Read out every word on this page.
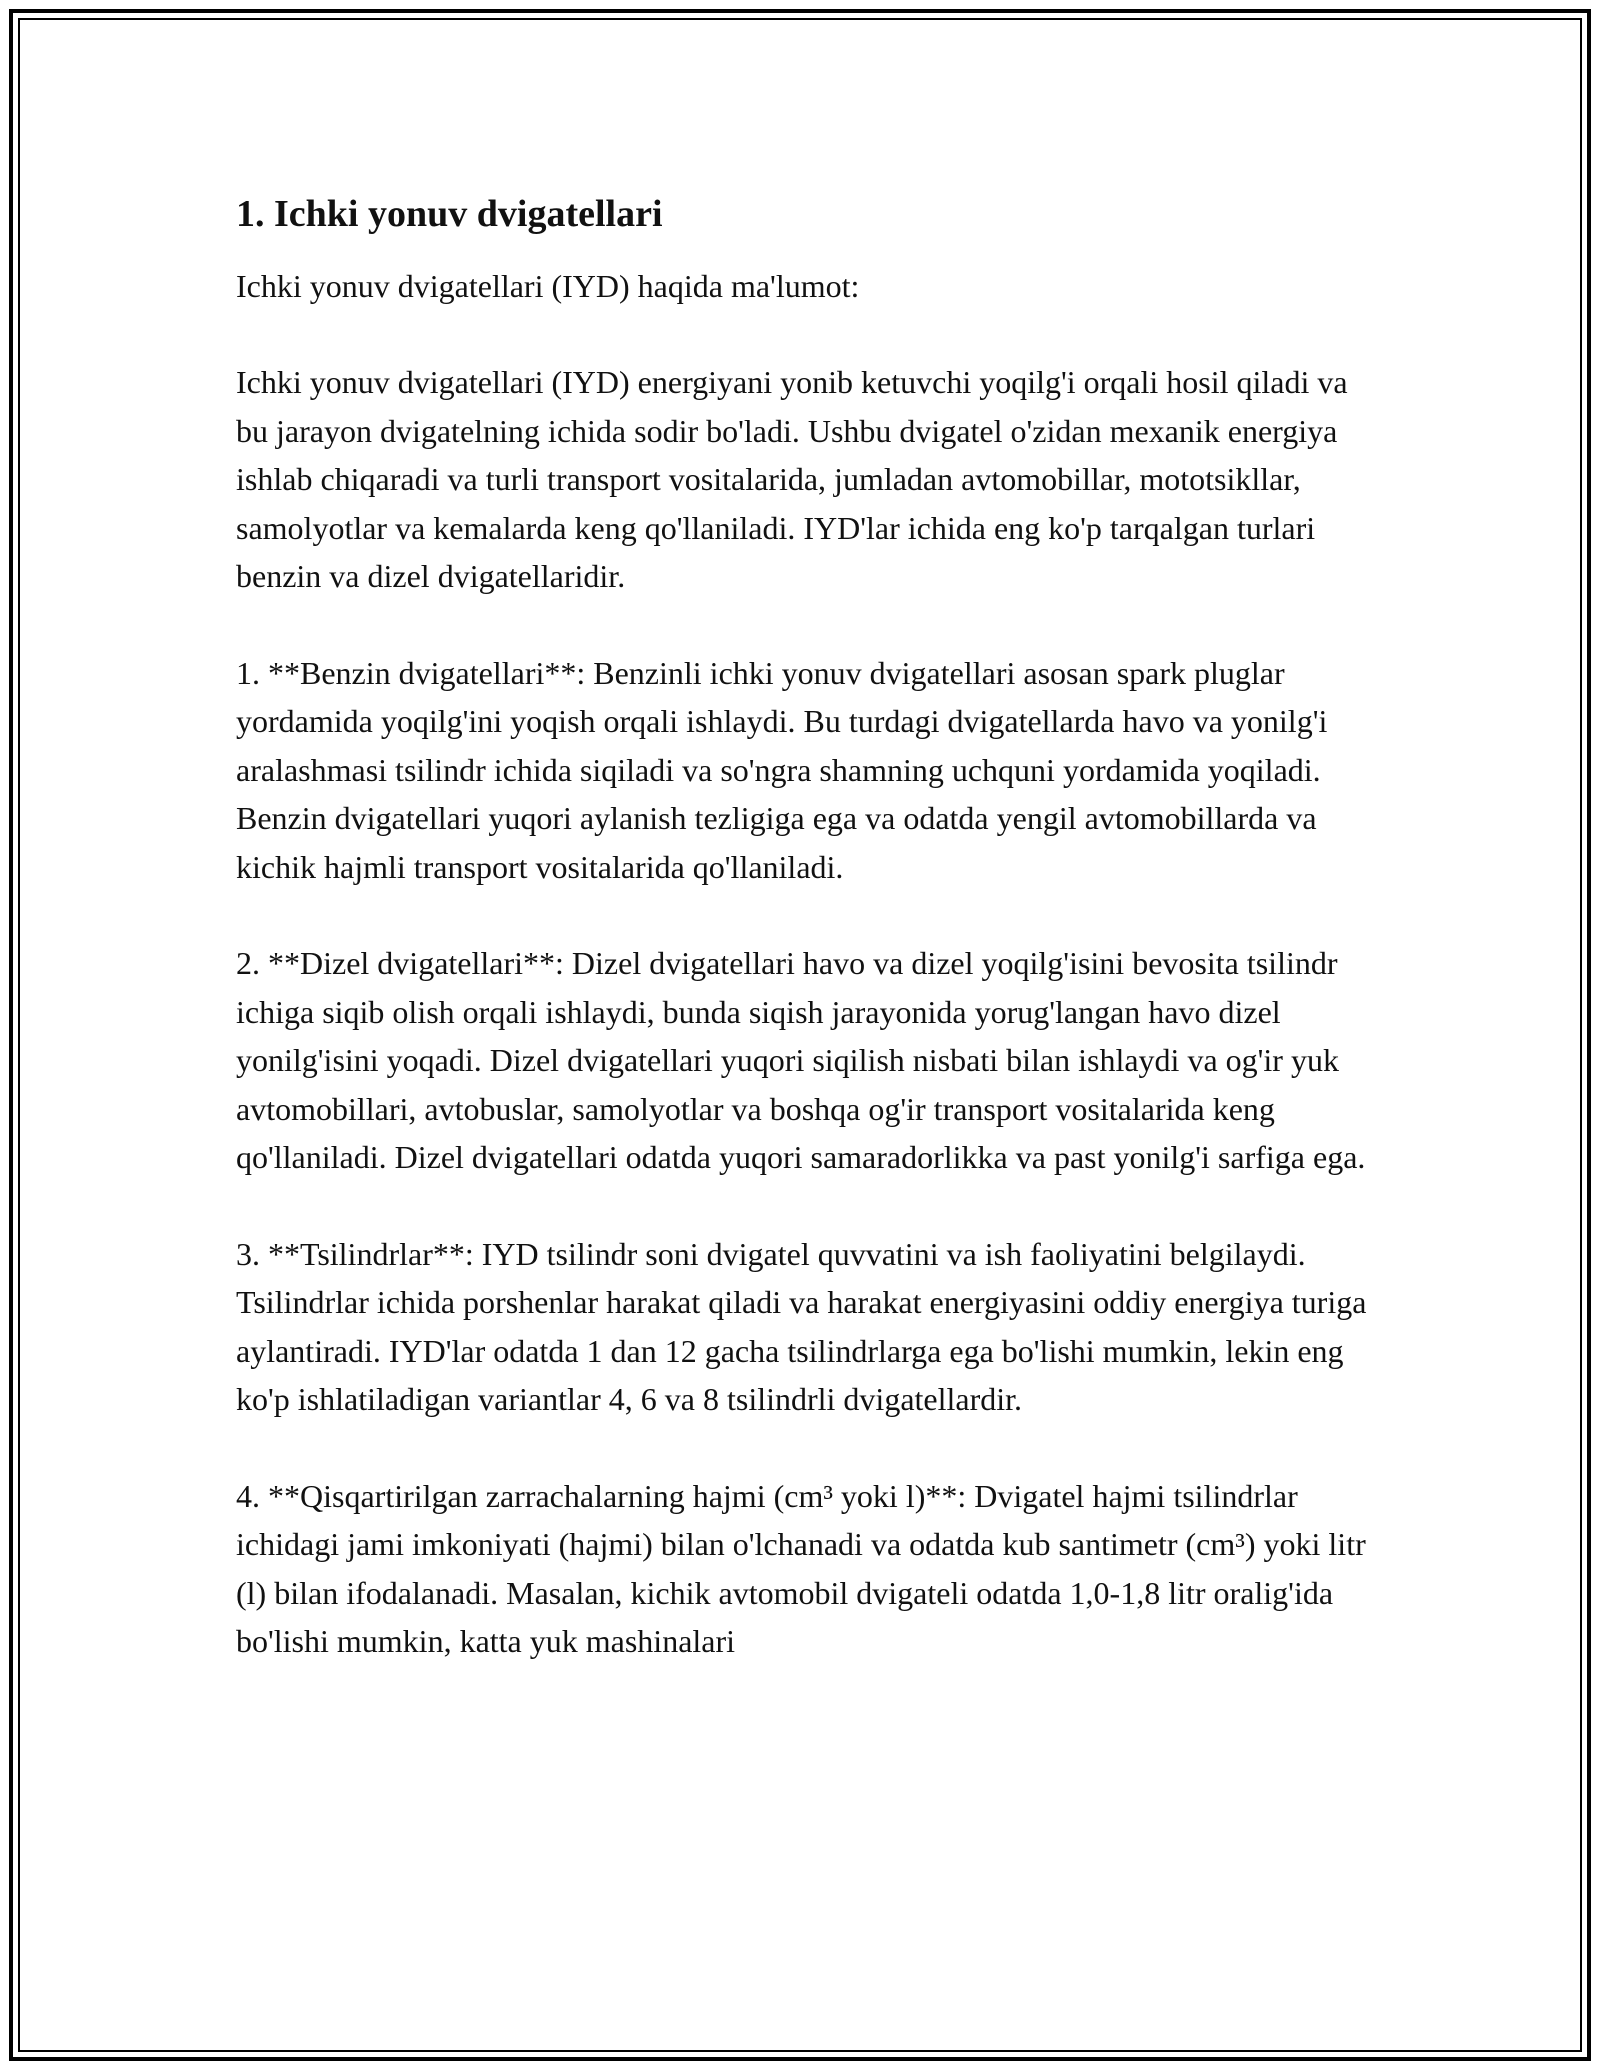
1. Ichki yonuv dvigatellari

Ichki yonuv dvigatellari (IYD) haqida ma'lumot:

Ichki yonuv dvigatellari (IYD) energiyani yonib ketuvchi yoqilg'i orqali hosil qiladi va bu jarayon dvigatelning ichida sodir bo'ladi. Ushbu dvigatel o'zidan mexanik energiya ishlab chiqaradi va turli transport vositalarida, jumladan avtomobillar, mototsikllar, samolyotlar va kemalarda keng qo'llaniladi. IYD'lar ichida eng ko'p tarqalgan turlari benzin va dizel dvigatellaridir.

1. **Benzin dvigatellari**: Benzinli ichki yonuv dvigatellari asosan spark pluglar yordamida yoqilg'ini yoqish orqali ishlaydi. Bu turdagi dvigatellarda havo va yonilg'i aralashmasi tsilindr ichida siqiladi va so'ngra shamning uchquni yordamida yoqiladi. Benzin dvigatellari yuqori aylanish tezligiga ega va odatda yengil avtomobillarda va kichik hajmli transport vositalarida qo'llaniladi.

2. **Dizel dvigatellari**: Dizel dvigatellari havo va dizel yoqilg'isini bevosita tsilindr ichiga siqib olish orqali ishlaydi, bunda siqish jarayonida yorug'langan havo dizel yonilg'isini yoqadi. Dizel dvigatellari yuqori siqilish nisbati bilan ishlaydi va og'ir yuk avtomobillari, avtobuslar, samolyotlar va boshqa og'ir transport vositalarida keng qo'llaniladi. Dizel dvigatellari odatda yuqori samaradorlikka va past yonilg'i sarfiga ega.

3. **Tsilindrlar**: IYD tsilindr soni dvigatel quvvatini va ish faoliyatini belgilaydi. Tsilindrlar ichida porshenlar harakat qiladi va harakat energiyasini oddiy energiya turiga aylantiradi. IYD'lar odatda 1 dan 12 gacha tsilindrlarga ega bo'lishi mumkin, lekin eng ko'p ishlatiladigan variantlar 4, 6 va 8 tsilindrli dvigatellardir.

4. **Qisqartirilgan zarrachalarning hajmi (cm³ yoki l)**: Dvigatel hajmi tsilindrlar ichidagi jami imkoniyati (hajmi) bilan o'lchanadi va odatda kub santimetr (cm³) yoki litr (l) bilan ifodalanadi. Masalan, kichik avtomobil dvigateli odatda 1,0-1,8 litr oralig'ida bo'lishi mumkin, katta yuk mashinalari
